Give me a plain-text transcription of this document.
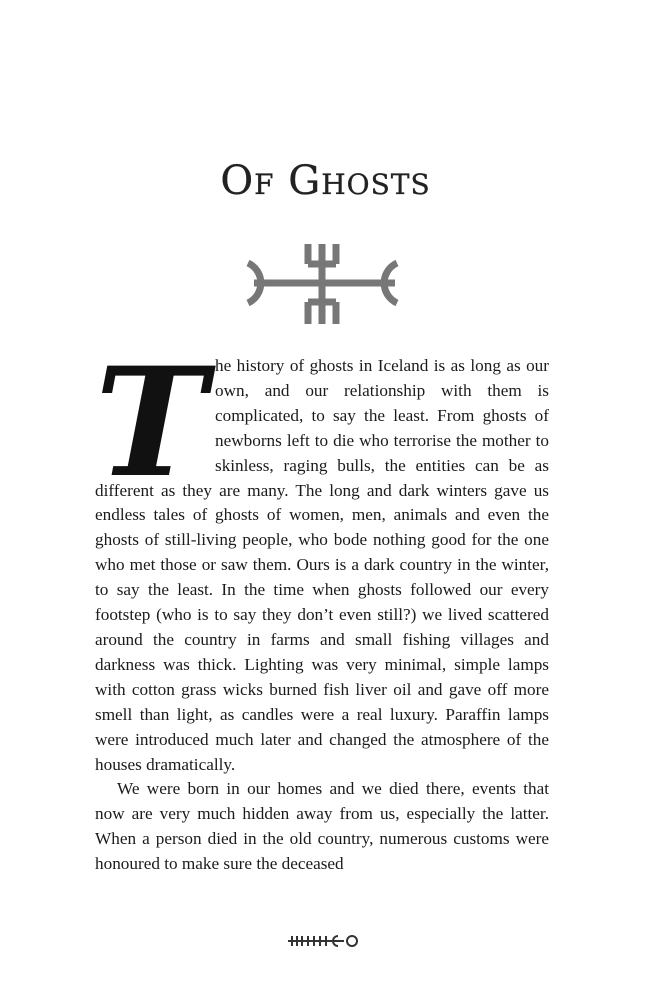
Of Ghosts
T he history of ghosts in Iceland is as long as our own, and our relationship with them is complicated, to say the least. From ghosts of newborns left to die who terrorise the mother to skinless, raging bulls, the entities can be as different as they are many. The long and dark winters gave us endless tales of ghosts of women, men, animals and even the ghosts of still-living people, who bode nothing good for the one who met those or saw them. Ours is a dark country in the winter, to say the least. In the time when ghosts followed our every footstep (who is to say they don’t even still?) we lived scattered around the country in farms and small fishing villages and darkness was thick. Lighting was very minimal, simple lamps with cotton grass wicks burned fish liver oil and gave off more smell than light, as candles were a real luxury. Paraffin lamps were introduced much later and changed the atmosphere of the houses dramatically.

We were born in our homes and we died there, events that now are very much hidden away from us, especially the latter. When a person died in the old country, numerous customs were honoured to make sure the deceased
